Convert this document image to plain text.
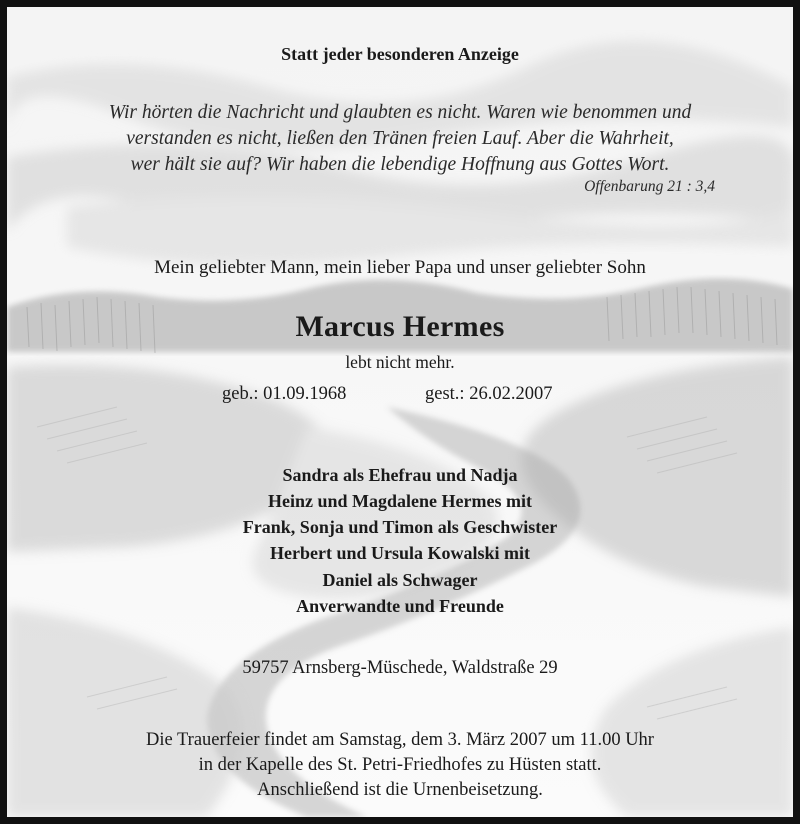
Statt jeder besonderen Anzeige
Wir hörten die Nachricht und glaubten es nicht. Waren wie benommen und
verstanden es nicht, ließen den Tränen freien Lauf. Aber die Wahrheit,
wer hält sie auf? Wir haben die lebendige Hoffnung aus Gottes Wort.
Offenbarung 21 : 3,4
Mein geliebter Mann, mein lieber Papa und unser geliebter Sohn
Marcus Hermes
lebt nicht mehr.
geb.: 01.09.1968	gest.: 26.02.2007
Sandra als Ehefrau und Nadja
Heinz und Magdalene Hermes mit
Frank, Sonja und Timon als Geschwister
Herbert und Ursula Kowalski mit
Daniel als Schwager
Anverwandte und Freunde
59757 Arnsberg-Müschede, Waldstraße 29
Die Trauerfeier findet am Samstag, dem 3. März 2007 um 11.00 Uhr
in der Kapelle des St. Petri-Friedhofes zu Hüsten statt.
Anschließend ist die Urnenbeisetzung.
